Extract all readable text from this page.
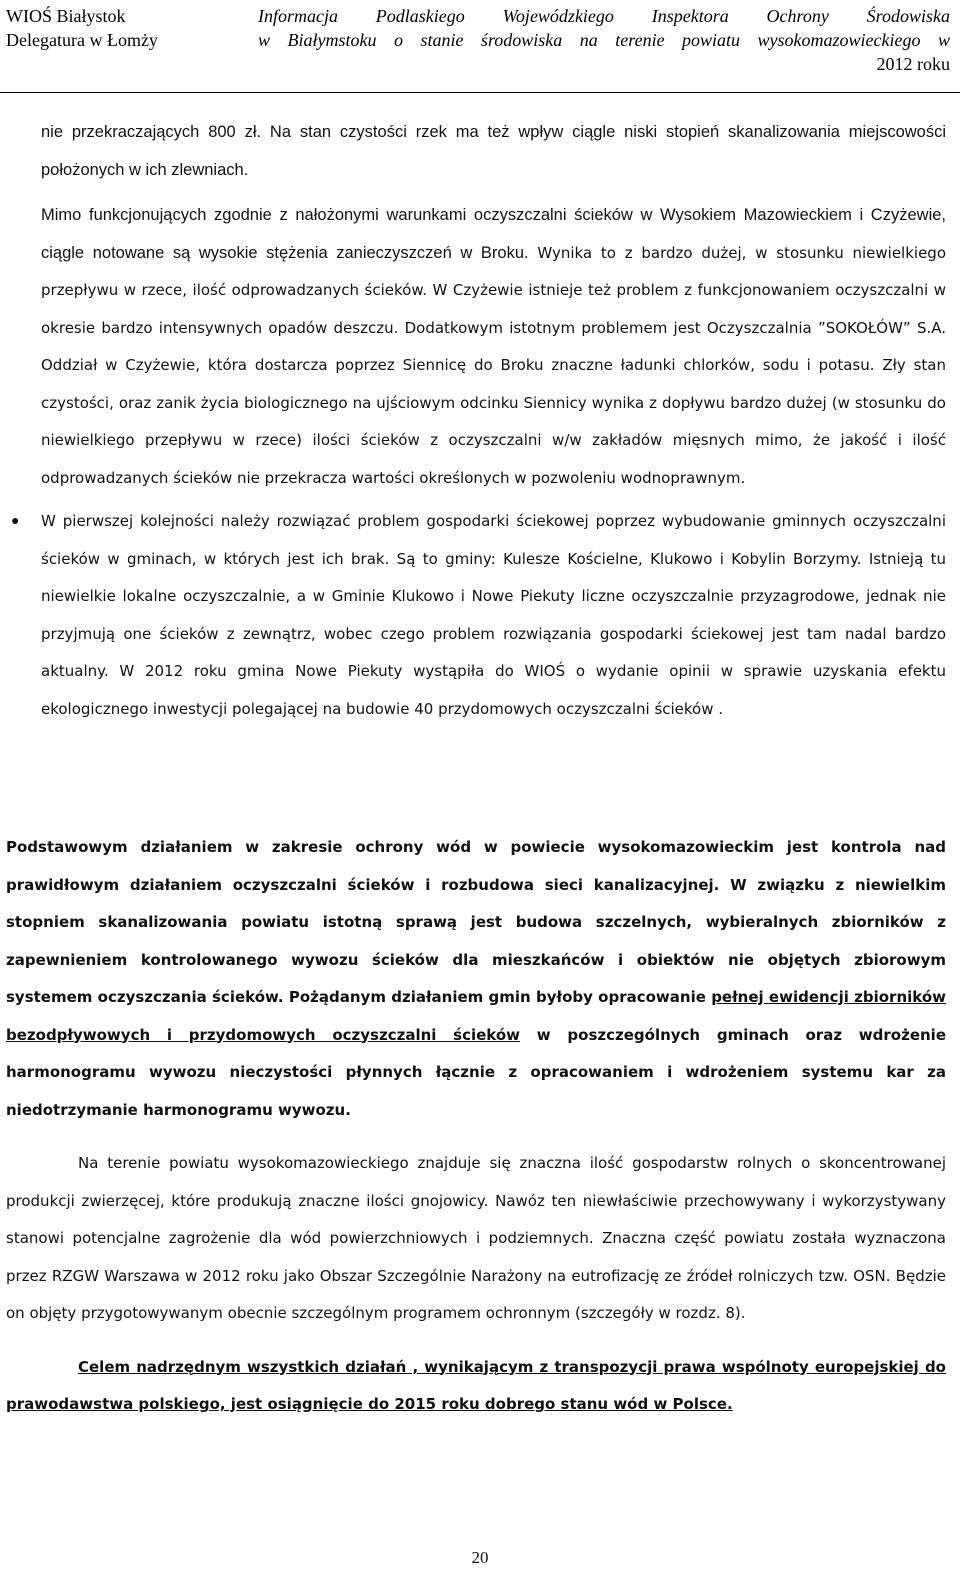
WIOŚ Białystok
Delegatura w Łomży
Informacja Podlaskiego Wojewódzkiego Inspektora Ochrony Środowiska
w Białymstoku o stanie środowiska na terenie powiatu wysokomazowieckiego w
2012 roku

nie przekraczających 800 zł. Na stan czystości rzek ma też wpływ ciągle niski stopień skanalizowania miejscowości położonych w ich zlewniach.

Mimo funkcjonujących zgodnie z nałożonymi warunkami oczyszczalni ścieków w Wysokiem Mazowieckiem i Czyżewie, ciągle notowane są wysokie stężenia zanieczyszczeń w Broku. Wynika to z bardzo dużej, w stosunku niewielkiego przepływu w rzece, ilość odprowadzanych ścieków. W Czyżewie istnieje też problem z funkcjonowaniem oczyszczalni w okresie bardzo intensywnych opadów deszczu. Dodatkowym istotnym problemem jest Oczyszczalnia ˮSOKOŁÓWˮ S.A. Oddział w Czyżewie, która dostarcza poprzez Siennicę do Broku znaczne ładunki chlorków, sodu i potasu. Zły stan czystości, oraz zanik życia biologicznego na ujściowym odcinku Siennicy wynika z dopływu bardzo dużej (w stosunku do niewielkiego przepływu w rzece) ilości ścieków z oczyszczalni w/w zakładów mięsnych mimo, że jakość i ilość odprowadzanych ścieków nie przekracza wartości określonych w pozwoleniu wodnoprawnym.

● W pierwszej kolejności należy rozwiązać problem gospodarki ściekowej poprzez wybudowanie gminnych oczyszczalni ścieków w gminach, w których jest ich brak. Są to gminy: Kulesze Kościelne, Klukowo i Kobylin Borzymy. Istnieją tu niewielkie lokalne oczyszczalnie, a w Gminie Klukowo i Nowe Piekuty liczne oczyszczalnie przyzagrodowe, jednak nie przyjmują one ścieków z zewnątrz, wobec czego problem rozwiązania gospodarki ściekowej jest tam nadal bardzo aktualny. W 2012 roku gmina Nowe Piekuty wystąpiła do WIOŚ o wydanie opinii w sprawie uzyskania efektu ekologicznego inwestycji polegającej na budowie 40 przydomowych oczyszczalni ścieków .

Podstawowym działaniem w zakresie ochrony wód w powiecie wysokomazowieckim jest kontrola nad prawidłowym działaniem oczyszczalni ścieków i rozbudowa sieci kanalizacyjnej. W związku z niewielkim stopniem skanalizowania powiatu istotną sprawą jest budowa szczelnych, wybieralnych zbiorników z zapewnieniem kontrolowanego wywozu ścieków dla mieszkańców i obiektów nie objętych zbiorowym systemem oczyszczania ścieków. Pożądanym działaniem gmin byłoby opracowanie pełnej ewidencji zbiorników bezodpływowych i przydomowych oczyszczalni ścieków w poszczególnych gminach oraz wdrożenie harmonogramu wywozu nieczystości płynnych łącznie z opracowaniem i wdrożeniem systemu kar za niedotrzymanie harmonogramu wywozu.

Na terenie powiatu wysokomazowieckiego znajduje się znaczna ilość gospodarstw rolnych o skoncentrowanej produkcji zwierzęcej, które produkują znaczne ilości gnojowicy. Nawóz ten niewłaściwie przechowywany i wykorzystywany stanowi potencjalne zagrożenie dla wód powierzchniowych i podziemnych. Znaczna część powiatu została wyznaczona przez RZGW Warszawa w 2012 roku jako Obszar Szczególnie Narażony na eutrofizację ze źródeł rolniczych tzw. OSN. Będzie on objęty przygotowywanym obecnie szczególnym programem ochronnym (szczegóły w rozdz. 8).

Celem nadrzędnym wszystkich działań , wynikającym z transpozycji prawa wspólnoty europejskiej do prawodawstwa polskiego, jest osiągnięcie do 2015 roku dobrego stanu wód w Polsce.

20
